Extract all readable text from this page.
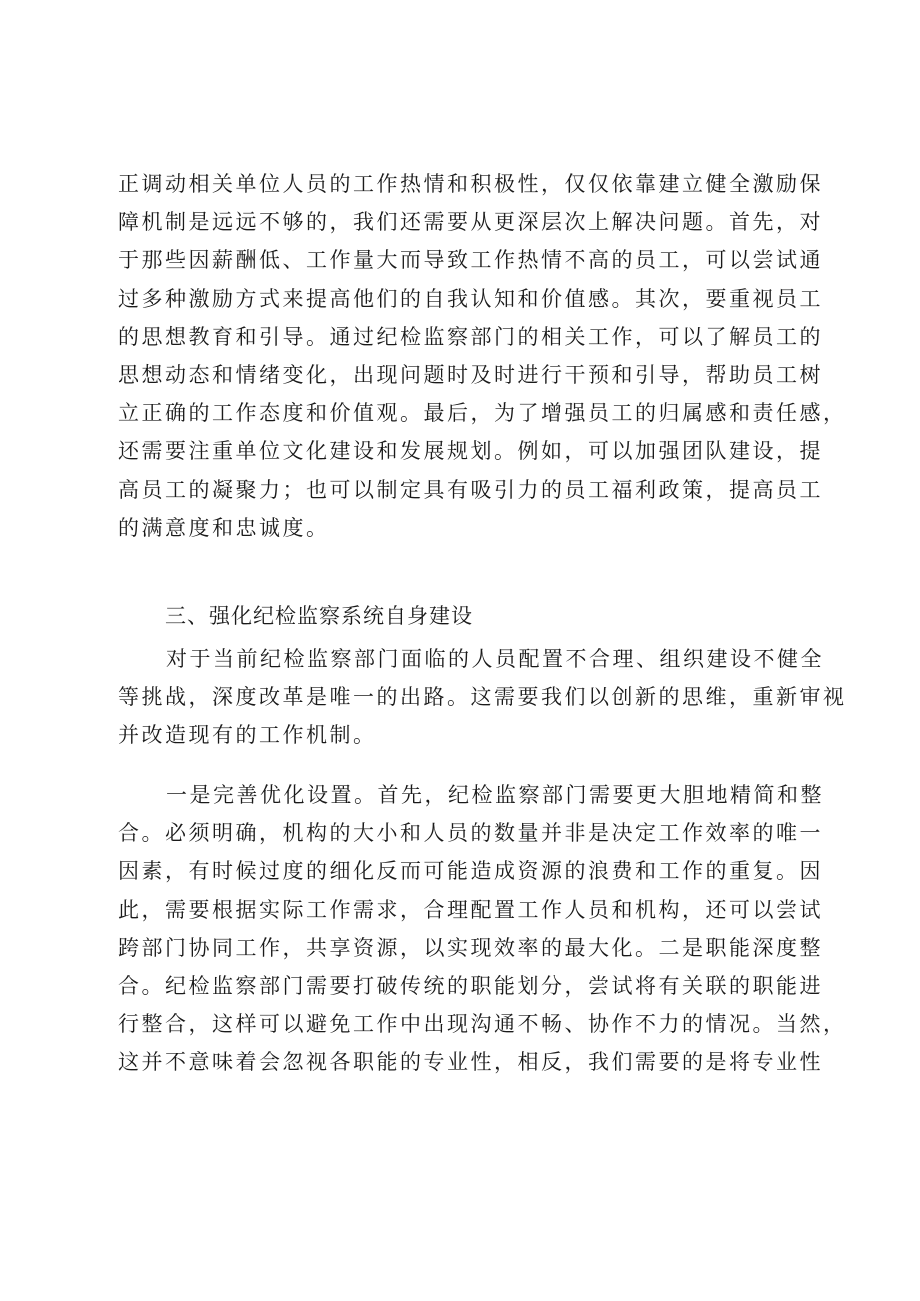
正调动相关单位人员的工作热情和积极性，仅仅依靠建立健全激励保
障机制是远远不够的，我们还需要从更深层次上解决问题。首先，对
于那些因薪酬低、工作量大而导致工作热情不高的员工，可以尝试通
过多种激励方式来提高他们的自我认知和价值感。其次，要重视员工
的思想教育和引导。通过纪检监察部门的相关工作，可以了解员工的
思想动态和情绪变化，出现问题时及时进行干预和引导，帮助员工树
立正确的工作态度和价值观。最后，为了增强员工的归属感和责任感，
还需要注重单位文化建设和发展规划。例如，可以加强团队建设，提
高员工的凝聚力；也可以制定具有吸引力的员工福利政策，提高员工
的满意度和忠诚度。
三、强化纪检监察系统自身建设
对于当前纪检监察部门面临的人员配置不合理、组织建设不健全
等挑战，深度改革是唯一的出路。这需要我们以创新的思维，重新审视
并改造现有的工作机制。
一是完善优化设置。首先，纪检监察部门需要更大胆地精简和整
合。必须明确，机构的大小和人员的数量并非是决定工作效率的唯一
因素，有时候过度的细化反而可能造成资源的浪费和工作的重复。因
此，需要根据实际工作需求，合理配置工作人员和机构，还可以尝试
跨部门协同工作，共享资源，以实现效率的最大化。二是职能深度整
合。纪检监察部门需要打破传统的职能划分，尝试将有关联的职能进
行整合，这样可以避免工作中出现沟通不畅、协作不力的情况。当然，
这并不意味着会忽视各职能的专业性，相反，我们需要的是将专业性
